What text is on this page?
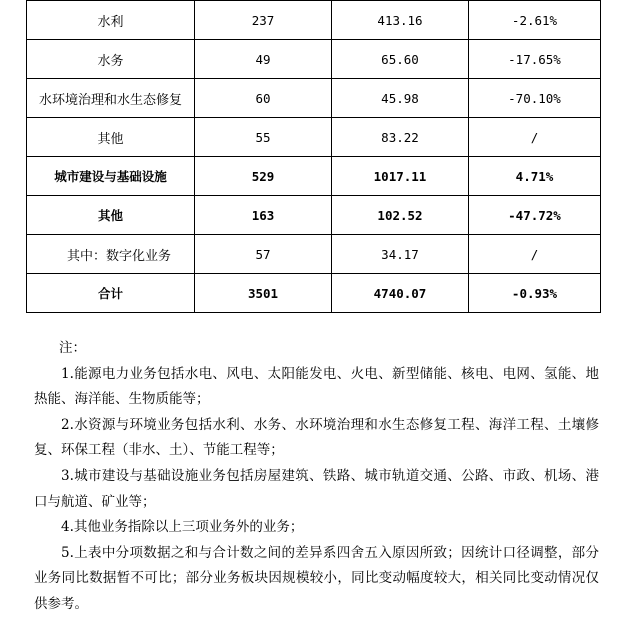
水利	237	413.16	-2.61%
水务	49	65.60	-17.65%
水环境治理和水生态修复	60	45.98	-70.10%
其他	55	83.22	/
城市建设与基础设施	529	1017.11	4.71%
其他	163	102.52	-47.72%
其中：数字化业务	57	34.17	/
合计	3501	4740.07	-0.93%
注：

1.能源电力业务包括水电、风电、太阳能发电、火电、新型储能、核电、电网、氢能、地热能、海洋能、生物质能等；

2.水资源与环境业务包括水利、水务、水环境治理和水生态修复工程、海洋工程、土壤修复、环保工程（非水、土）、节能工程等；

3.城市建设与基础设施业务包括房屋建筑、铁路、城市轨道交通、公路、市政、机场、港口与航道、矿业等；

4.其他业务指除以上三项业务外的业务；

5.上表中分项数据之和与合计数之间的差异系四舍五入原因所致；因统计口径调整，部分业务同比数据暂不可比；部分业务板块因规模较小，同比变动幅度较大，相关同比变动情况仅供参考。
